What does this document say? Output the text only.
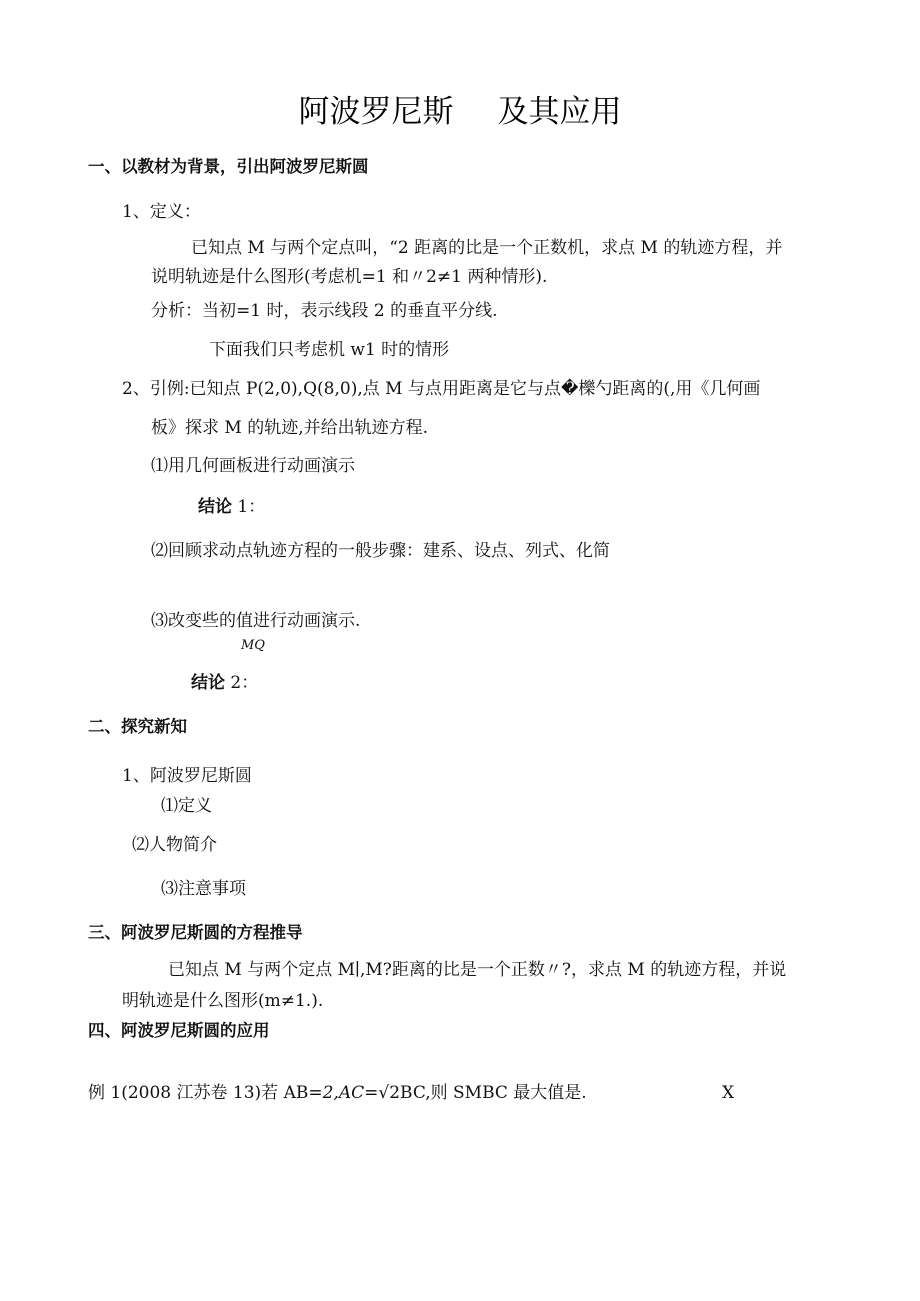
阿波罗尼斯 及其应用
一、以教材为背景，引出阿波罗尼斯圆
1、定义：
已知点 M 与两个定点叫，“2 距离的比是一个正数机，求点 M 的轨迹方程，并
说明轨迹是什么图形(考虑机=1 和〃2≠1 两种情形).
分析：当初=1 时，表示线段 2 的垂直平分线.
下面我们只考虑机 w1 时的情形
2、引例:已知点 P(2,0),Q(8,0),点 M 与点用距离是它与点�櫟勺距离的(,用《几何画
板》探求 M 的轨迹,并给出轨迹方程.
⑴用几何画板进行动画演示
结论 1：
⑵回顾求动点轨迹方程的一般步骤：建系、设点、列式、化简
⑶改变些的值进行动画演示.
MQ
结论 2：
二、探究新知
1、阿波罗尼斯圆
⑴定义
⑵人物简介
⑶注意事项
三、阿波罗尼斯圆的方程推导
已知点 M 与两个定点 M∣,M?距离的比是一个正数〃?，求点 M 的轨迹方程，并说
明轨迹是什么图形(m≠1.).
四、阿波罗尼斯圆的应用
例 1(2008 江苏卷 13)若 AB=2,AC=√2BC,则 SMBC 最大值是.	X
